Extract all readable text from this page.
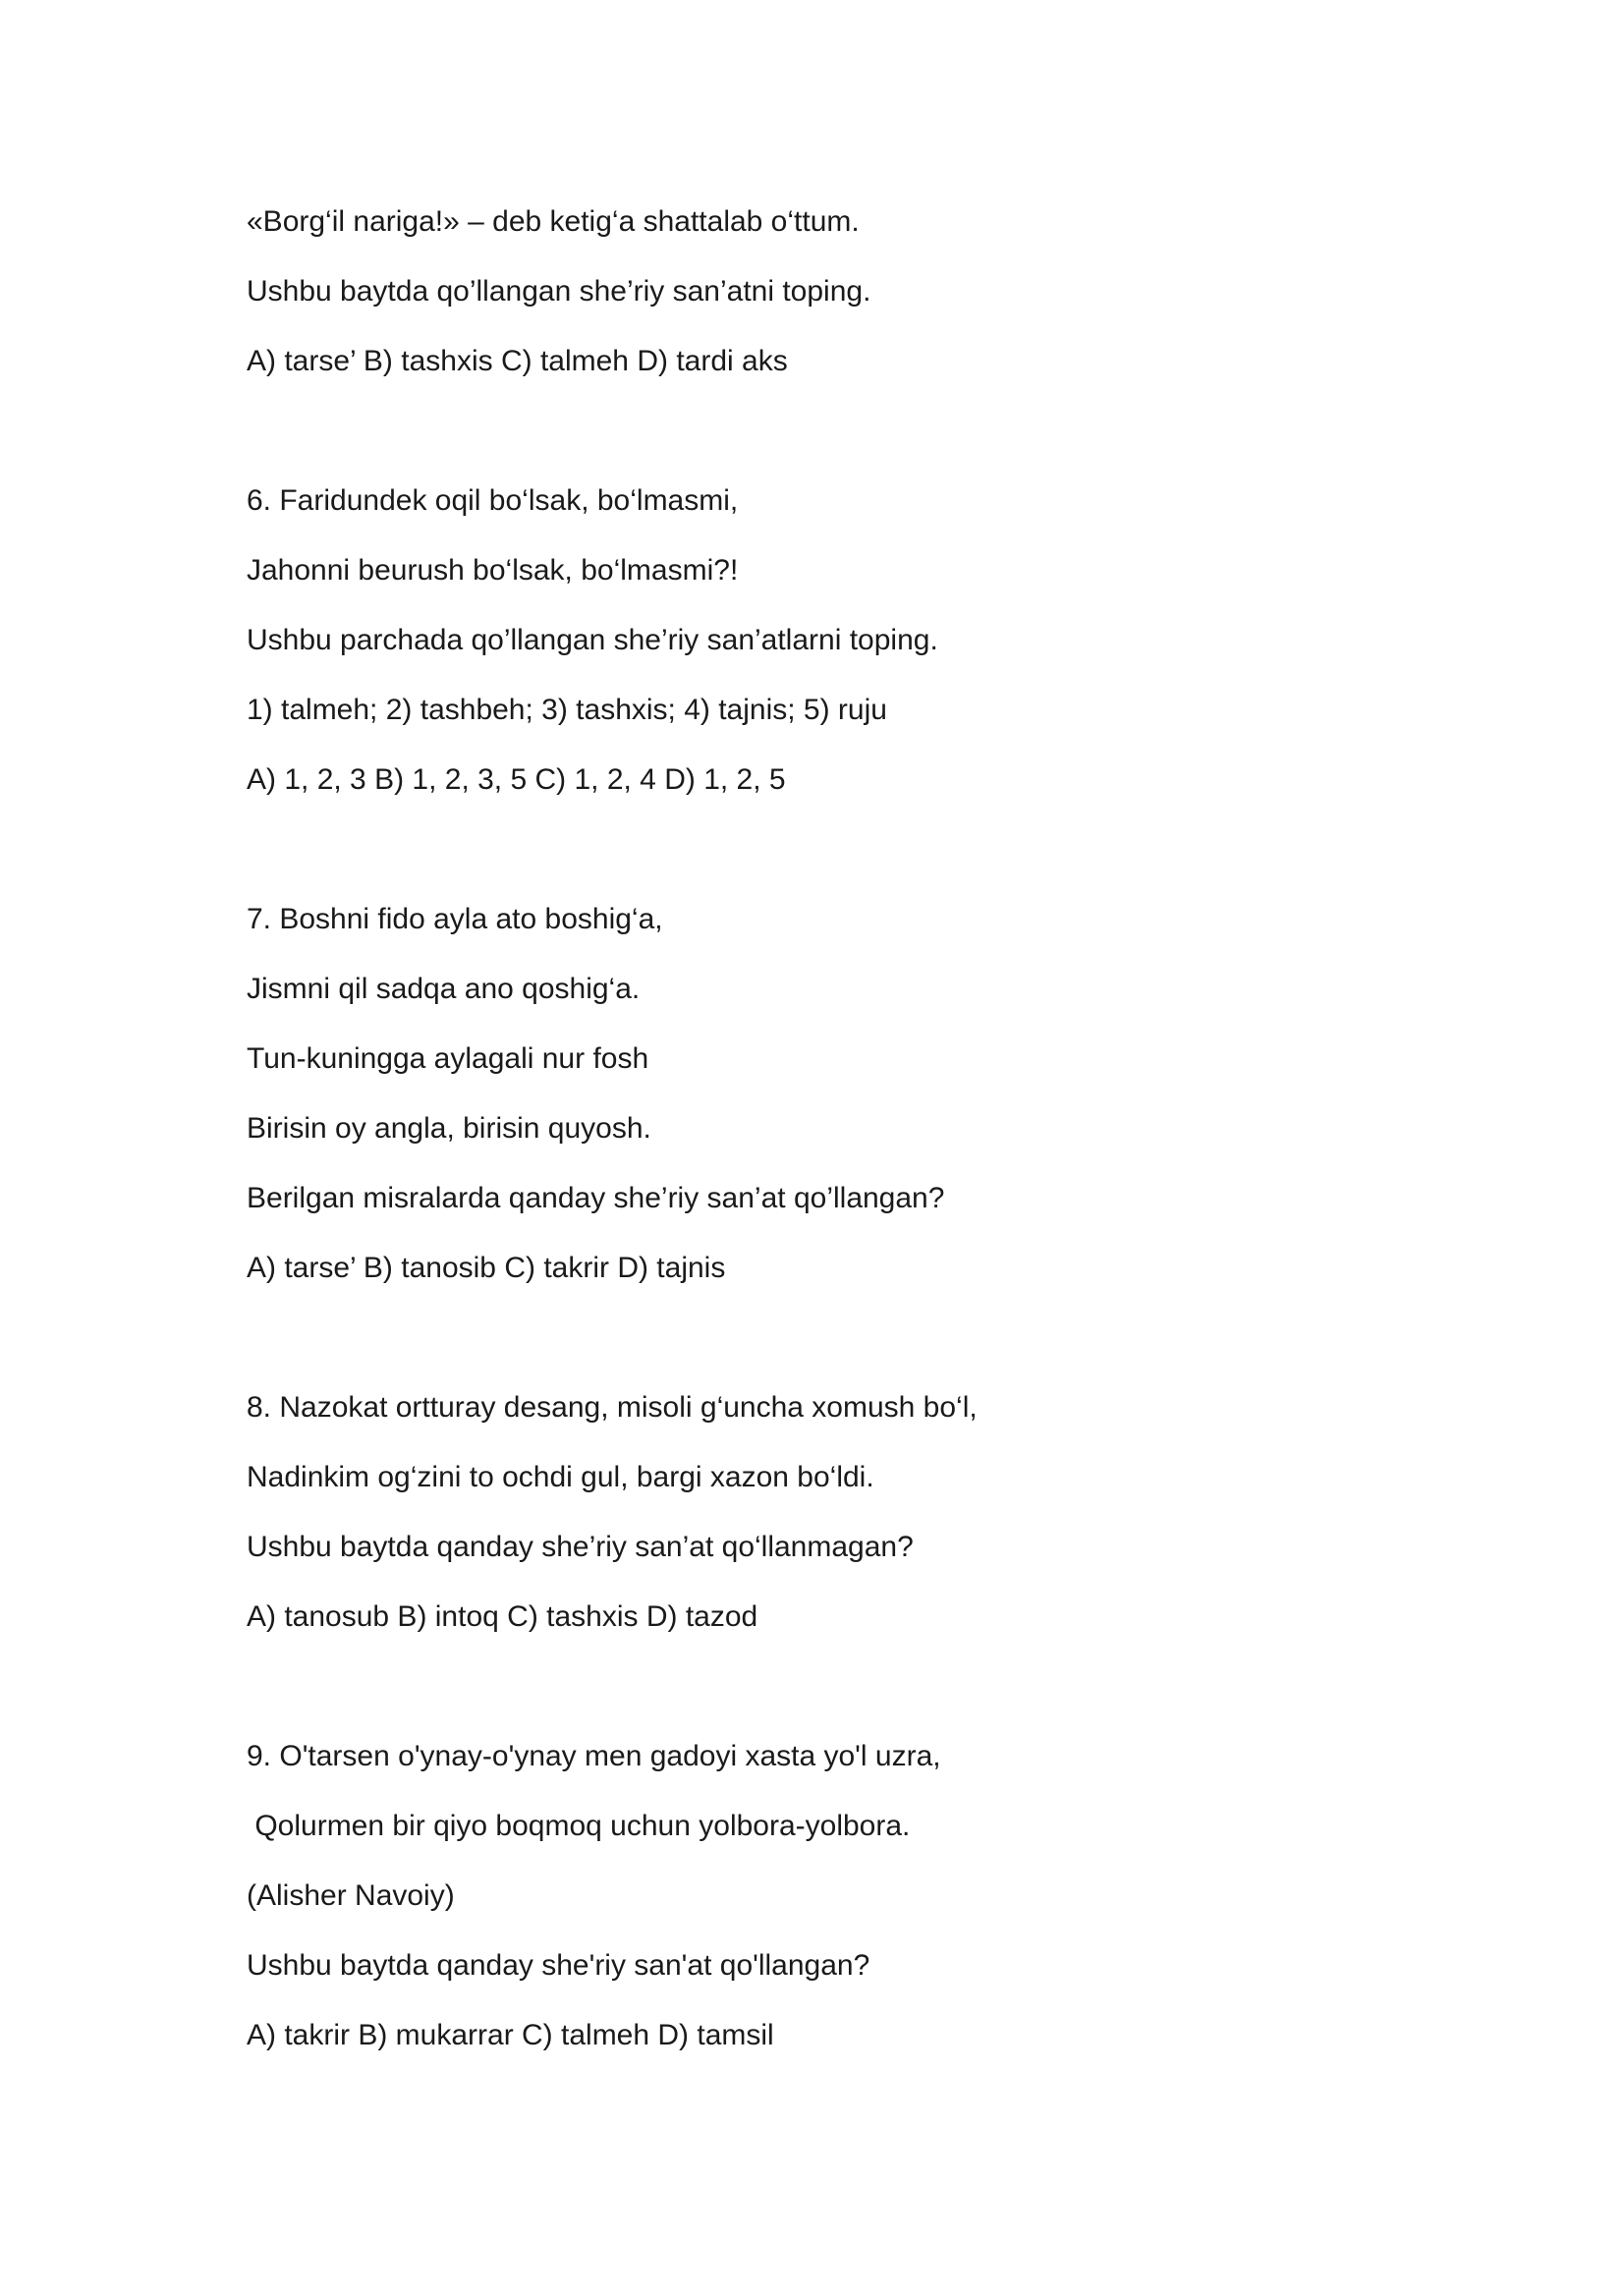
«Borg‘il nariga!» – deb ketig‘a shattalab o‘ttum.

Ushbu baytda qo’llangan she’riy san’atni toping.

A) tarse’ B) tashxis C) talmeh D) tardi aks

6. Faridundek oqil bo‘lsak, bo‘lmasmi,

Jahonni beurush bo‘lsak, bo‘lmasmi?!

Ushbu parchada qo’llangan she’riy san’atlarni toping.

1) talmeh; 2) tashbeh; 3) tashxis; 4) tajnis; 5) ruju

A) 1, 2, 3 B) 1, 2, 3, 5 C) 1, 2, 4 D) 1, 2, 5

7. Boshni fido ayla ato boshig‘a,

Jismni qil sadqa ano qoshig‘a.

Tun-kuningga aylagali nur fosh

Birisin oy angla, birisin quyosh.

Berilgan misralarda qanday she’riy san’at qo’llangan?

A) tarse’ B) tanosib C) takrir D) tajnis

8. Nazokat ortturay desang, misoli g‘uncha xomush bo‘l,

Nadinkim og‘zini to ochdi gul, bargi xazon bo‘ldi.

Ushbu baytda qanday she’riy san’at qo‘llanmagan?

A) tanosub B) intoq C) tashxis D) tazod

9. O'tarsen o'ynay-o'ynay men gadoyi xasta yo'l uzra,

Qolurmen bir qiyo boqmoq uchun yolbora-yolbora.

(Alisher Navoiy)

Ushbu baytda qanday she'riy san'at qo'llangan?

A) takrir B) mukarrar C) talmeh D) tamsil
